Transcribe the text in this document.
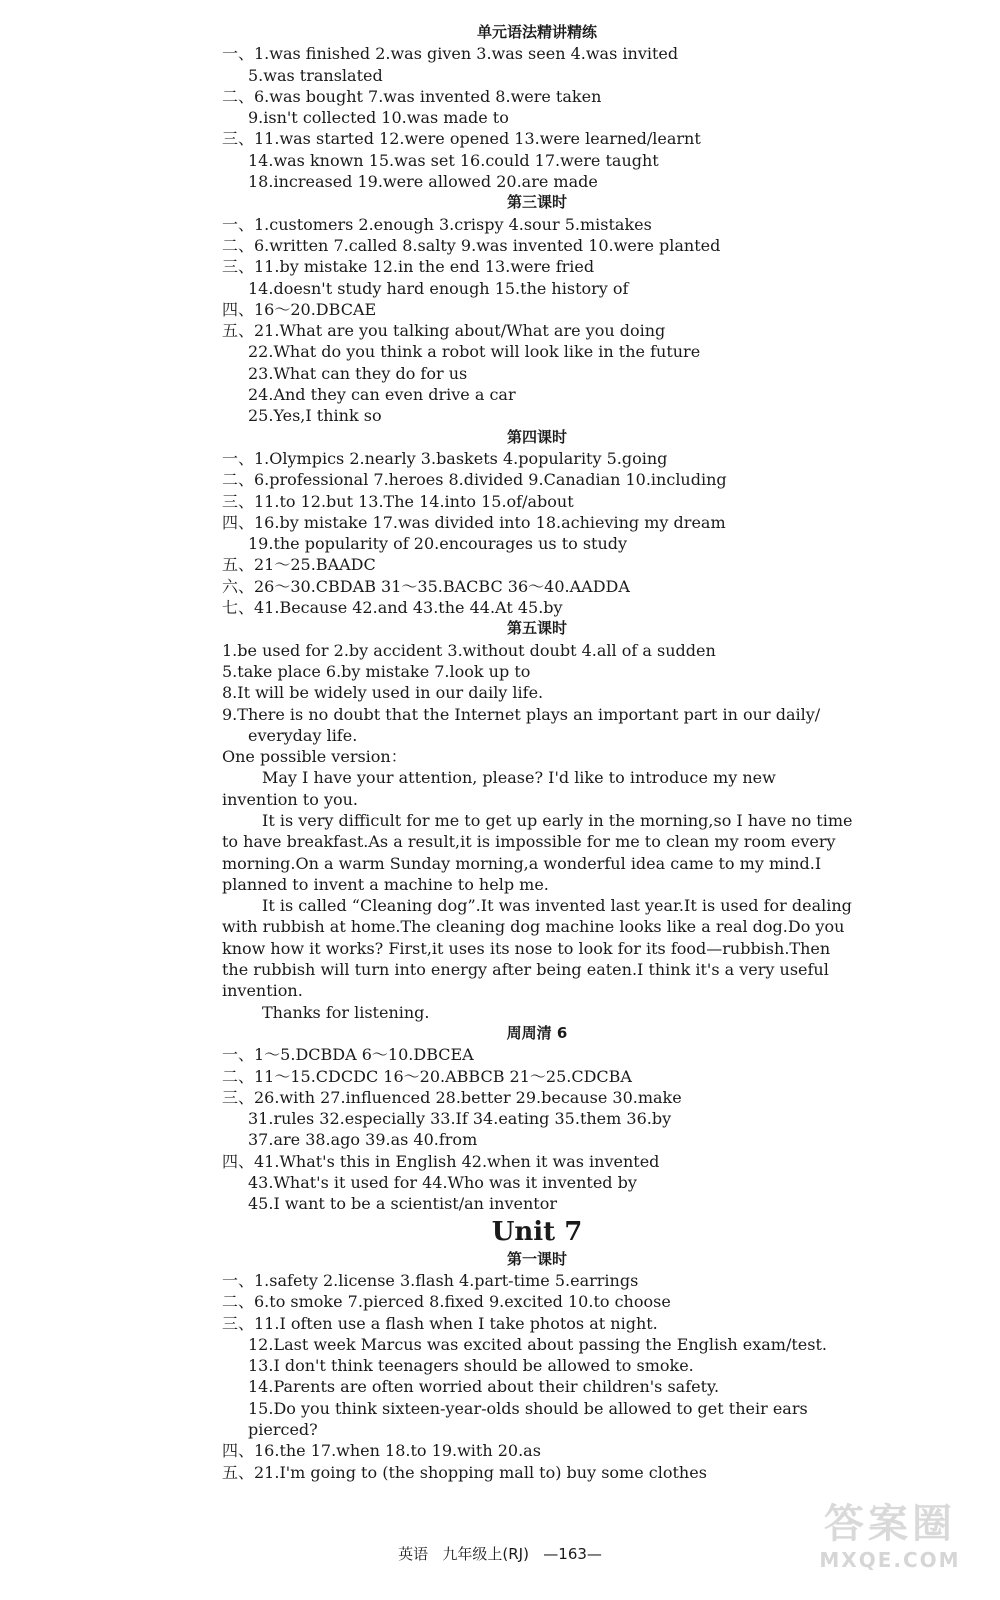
单元语法精讲精练
一、1.was finished 2.was given 3.was seen 4.was invited
5.was translated
二、6.was bought 7.was invented 8.were taken
9.isn't collected 10.was made to
三、11.was started 12.were opened 13.were learned/learnt
14.was known 15.was set 16.could 17.were taught
18.increased 19.were allowed 20.are made
第三课时
一、1.customers 2.enough 3.crispy 4.sour 5.mistakes
二、6.written 7.called 8.salty 9.was invented 10.were planted
三、11.by mistake 12.in the end 13.were fried
14.doesn't study hard enough 15.the history of
四、16～20.DBCAE
五、21.What are you talking about/What are you doing
22.What do you think a robot will look like in the future
23.What can they do for us
24.And they can even drive a car
25.Yes,I think so
第四课时
一、1.Olympics 2.nearly 3.baskets 4.popularity 5.going
二、6.professional 7.heroes 8.divided 9.Canadian 10.including
三、11.to 12.but 13.The 14.into 15.of/about
四、16.by mistake 17.was divided into 18.achieving my dream
19.the popularity of 20.encourages us to study
五、21～25.BAADC
六、26～30.CBDAB 31～35.BACBC 36～40.AADDA
七、41.Because 42.and 43.the 44.At 45.by
第五课时
1.be used for 2.by accident 3.without doubt 4.all of a sudden
5.take place 6.by mistake 7.look up to
8.It will be widely used in our daily life.
9.There is no doubt that the Internet plays an important part in our daily/
everyday life.
One possible version：
May I have your attention, please? I'd like to introduce my new
invention to you.
It is very difficult for me to get up early in the morning,so I have no time
to have breakfast.As a result,it is impossible for me to clean my room every
morning.On a warm Sunday morning,a wonderful idea came to my mind.I
planned to invent a machine to help me.
It is called “Cleaning dog”.It was invented last year.It is used for dealing
with rubbish at home.The cleaning dog machine looks like a real dog.Do you
know how it works? First,it uses its nose to look for its food—rubbish.Then
the rubbish will turn into energy after being eaten.I think it's a very useful
invention.
Thanks for listening.
周周清 6
一、1～5.DCBDA 6～10.DBCEA
二、11～15.CDCDC 16～20.ABBCB 21～25.CDCBA
三、26.with 27.influenced 28.better 29.because 30.make
31.rules 32.especially 33.If 34.eating 35.them 36.by
37.are 38.ago 39.as 40.from
四、41.What's this in English 42.when it was invented
43.What's it used for 44.Who was it invented by
45.I want to be a scientist/an inventor
Unit 7
第一课时
一、1.safety 2.license 3.flash 4.part-time 5.earrings
二、6.to smoke 7.pierced 8.fixed 9.excited 10.to choose
三、11.I often use a flash when I take photos at night.
12.Last week Marcus was excited about passing the English exam/test.
13.I don't think teenagers should be allowed to smoke.
14.Parents are often worried about their children's safety.
15.Do you think sixteen-year-olds should be allowed to get their ears
pierced?
四、16.the 17.when 18.to 19.with 20.as
五、21.I'm going to (the shopping mall to) buy some clothes
英语 九年级上(RJ) —163—
答案圈
MXQE.COM
